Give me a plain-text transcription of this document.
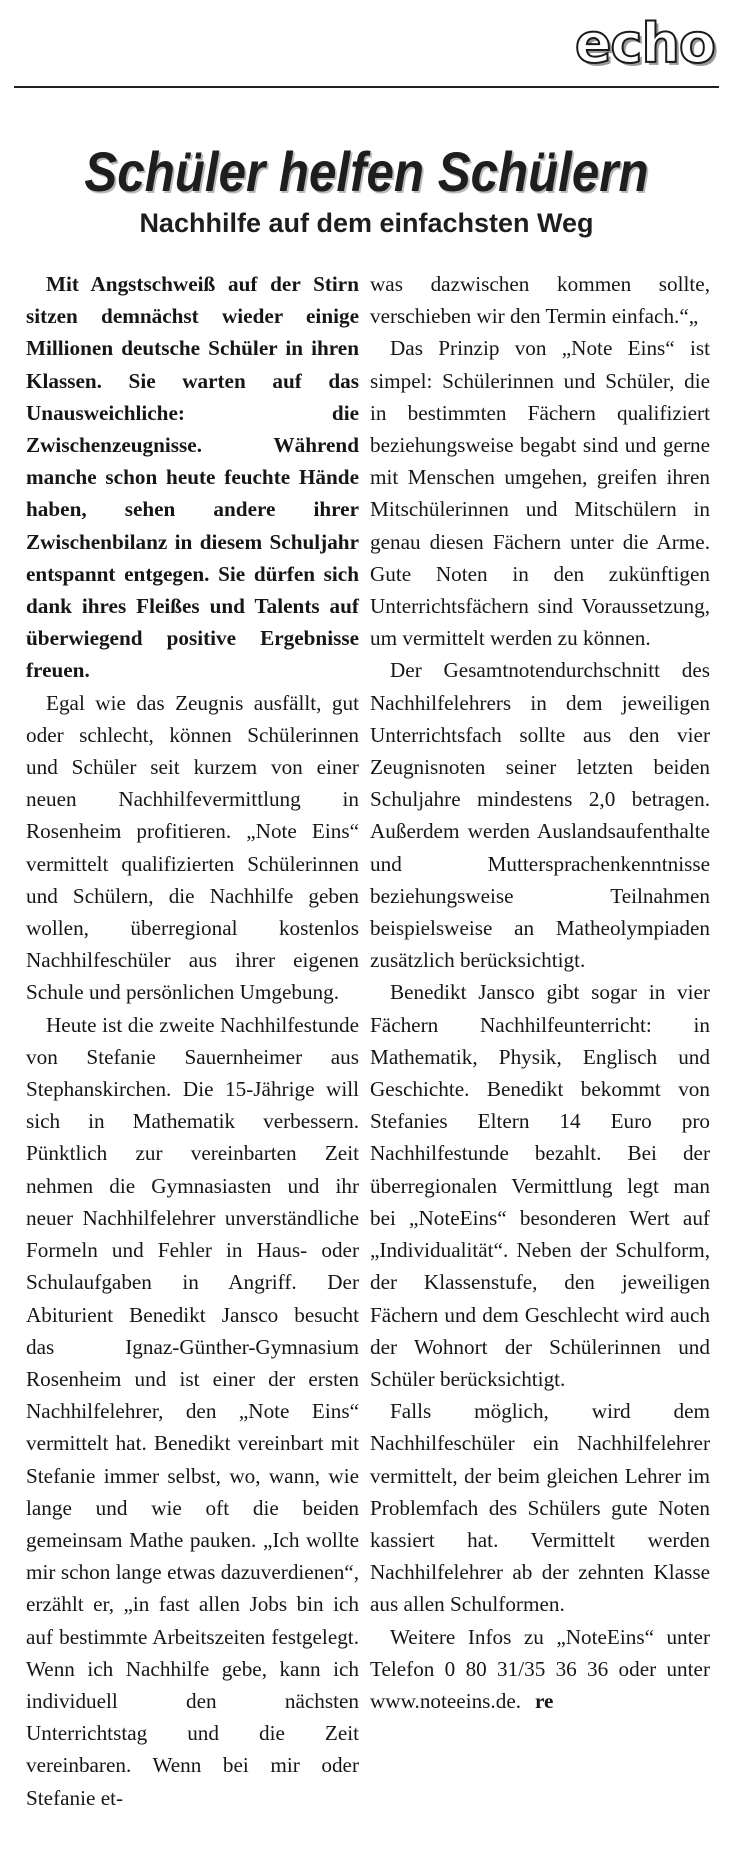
echo
Schüler helfen Schülern
Nachhilfe auf dem einfachsten Weg

Mit Angstschweiß auf der Stirn sitzen demnächst wieder einige Millionen deutsche Schüler in ihren Klassen. Sie warten auf das Unausweichliche: die Zwischenzeugnisse. Während manche schon heute feuchte Hände haben, sehen andere ihrer Zwischenbilanz in diesem Schuljahr entspannt entgegen. Sie dürfen sich dank ihres Fleißes und Talents auf überwiegend positive Ergebnisse freuen.

Egal wie das Zeugnis ausfällt, gut oder schlecht, können Schülerinnen und Schüler seit kurzem von einer neuen Nachhilfevermittlung in Rosenheim profitieren. „Note Eins“ vermittelt qualifizierten Schülerinnen und Schülern, die Nachhilfe geben wollen, überregional kostenlos Nachhilfeschüler aus ihrer eigenen Schule und persönlichen Umgebung.

Heute ist die zweite Nachhilfestunde von Stefanie Sauernheimer aus Stephanskirchen. Die 15-Jährige will sich in Mathematik verbessern. Pünktlich zur vereinbarten Zeit nehmen die Gymnasiasten und ihr neuer Nachhilfelehrer unverständliche Formeln und Fehler in Haus- oder Schulaufgaben in Angriff. Der Abiturient Benedikt Jansco besucht das Ignaz-Günther-Gymnasium Rosenheim und ist einer der ersten Nachhilfelehrer, den „Note Eins“ vermittelt hat. Benedikt vereinbart mit Stefanie immer selbst, wo, wann, wie lange und wie oft die beiden gemeinsam Mathe pauken. „Ich wollte mir schon lange etwas dazuverdienen“, erzählt er, „in fast allen Jobs bin ich auf bestimmte Arbeitszeiten festgelegt. Wenn ich Nachhilfe gebe, kann ich individuell den nächsten Unterrichtstag und die Zeit vereinbaren. Wenn bei mir oder Stefanie et-

was dazwischen kommen sollte, verschieben wir den Termin einfach.“„

Das Prinzip von „Note Eins“ ist simpel: Schülerinnen und Schüler, die in bestimmten Fächern qualifiziert beziehungsweise begabt sind und gerne mit Menschen umgehen, greifen ihren Mitschülerinnen und Mitschülern in genau diesen Fächern unter die Arme. Gute Noten in den zukünftigen Unterrichtsfächern sind Voraussetzung, um vermittelt werden zu können.

Der Gesamtnotendurchschnitt des Nachhilfelehrers in dem jeweiligen Unterrichtsfach sollte aus den vier Zeugnisnoten seiner letzten beiden Schuljahre mindestens 2,0 betragen. Außerdem werden Auslandsaufenthalte und Muttersprachenkenntnisse beziehungsweise Teilnahmen beispielsweise an Matheolympiaden zusätzlich berücksichtigt.

Benedikt Jansco gibt sogar in vier Fächern Nachhilfeunterricht: in Mathematik, Physik, Englisch und Geschichte. Benedikt bekommt von Stefanies Eltern 14 Euro pro Nachhilfestunde bezahlt. Bei der überregionalen Vermittlung legt man bei „NoteEins“ besonderen Wert auf „Individualität“. Neben der Schulform, der Klassenstufe, den jeweiligen Fächern und dem Geschlecht wird auch der Wohnort der Schülerinnen und Schüler berücksichtigt.

Falls möglich, wird dem Nachhilfeschüler ein Nachhilfelehrer vermittelt, der beim gleichen Lehrer im Problemfach des Schülers gute Noten kassiert hat. Vermittelt werden Nachhilfelehrer ab der zehnten Klasse aus allen Schulformen.

Weitere Infos zu „NoteEins“ unter Telefon 0 80 31/35 36 36 oder unter www.noteeins.de. re
